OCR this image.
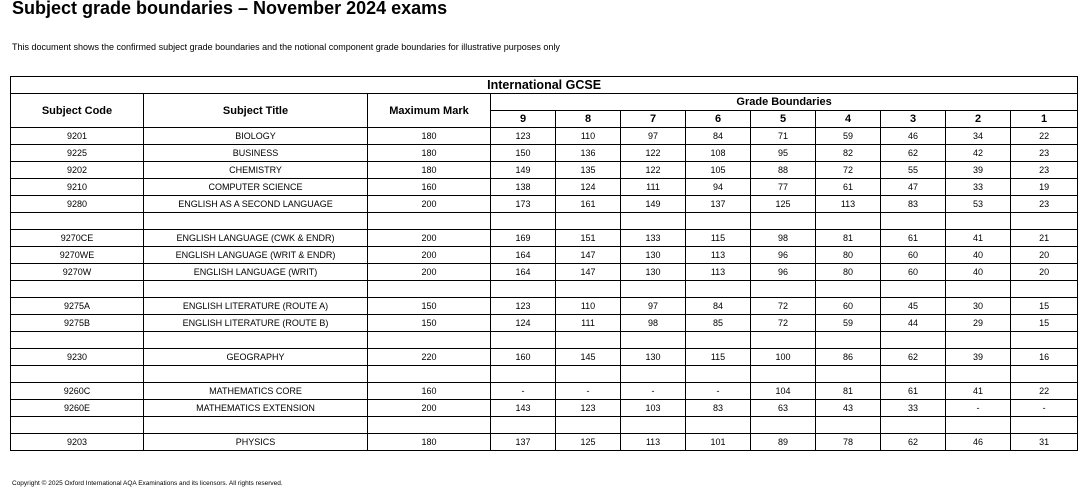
Subject grade boundaries – November 2024 exams
This document shows the confirmed subject grade boundaries and the notional component grade boundaries for illustrative purposes only
International GCSE											
Subject Code	Subject Title	Maximum Mark	Grade Boundaries								
			9	8	7	6	5	4	3	2	1
9201	BIOLOGY	180	123	110	97	84	71	59	46	34	22
9225	BUSINESS	180	150	136	122	108	95	82	62	42	23
9202	CHEMISTRY	180	149	135	122	105	88	72	55	39	23
9210	COMPUTER SCIENCE	160	138	124	111	94	77	61	47	33	19
9280	ENGLISH AS A SECOND LANGUAGE	200	173	161	149	137	125	113	83	53	23

9270CE	ENGLISH LANGUAGE (CWK & ENDR)	200	169	151	133	115	98	81	61	41	21
9270WE	ENGLISH LANGUAGE (WRIT & ENDR)	200	164	147	130	113	96	80	60	40	20
9270W	ENGLISH LANGUAGE (WRIT)	200	164	147	130	113	96	80	60	40	20

9275A	ENGLISH LITERATURE (ROUTE A)	150	123	110	97	84	72	60	45	30	15
9275B	ENGLISH LITERATURE (ROUTE B)	150	124	111	98	85	72	59	44	29	15

9230	GEOGRAPHY	220	160	145	130	115	100	86	62	39	16

9260C	MATHEMATICS CORE	160	-	-	-	-	104	81	61	41	22
9260E	MATHEMATICS EXTENSION	200	143	123	103	83	63	43	33	-	-

9203	PHYSICS	180	137	125	113	101	89	78	62	46	31
Copyright © 2025 Oxford International AQA Examinations and its licensors. All rights reserved.
